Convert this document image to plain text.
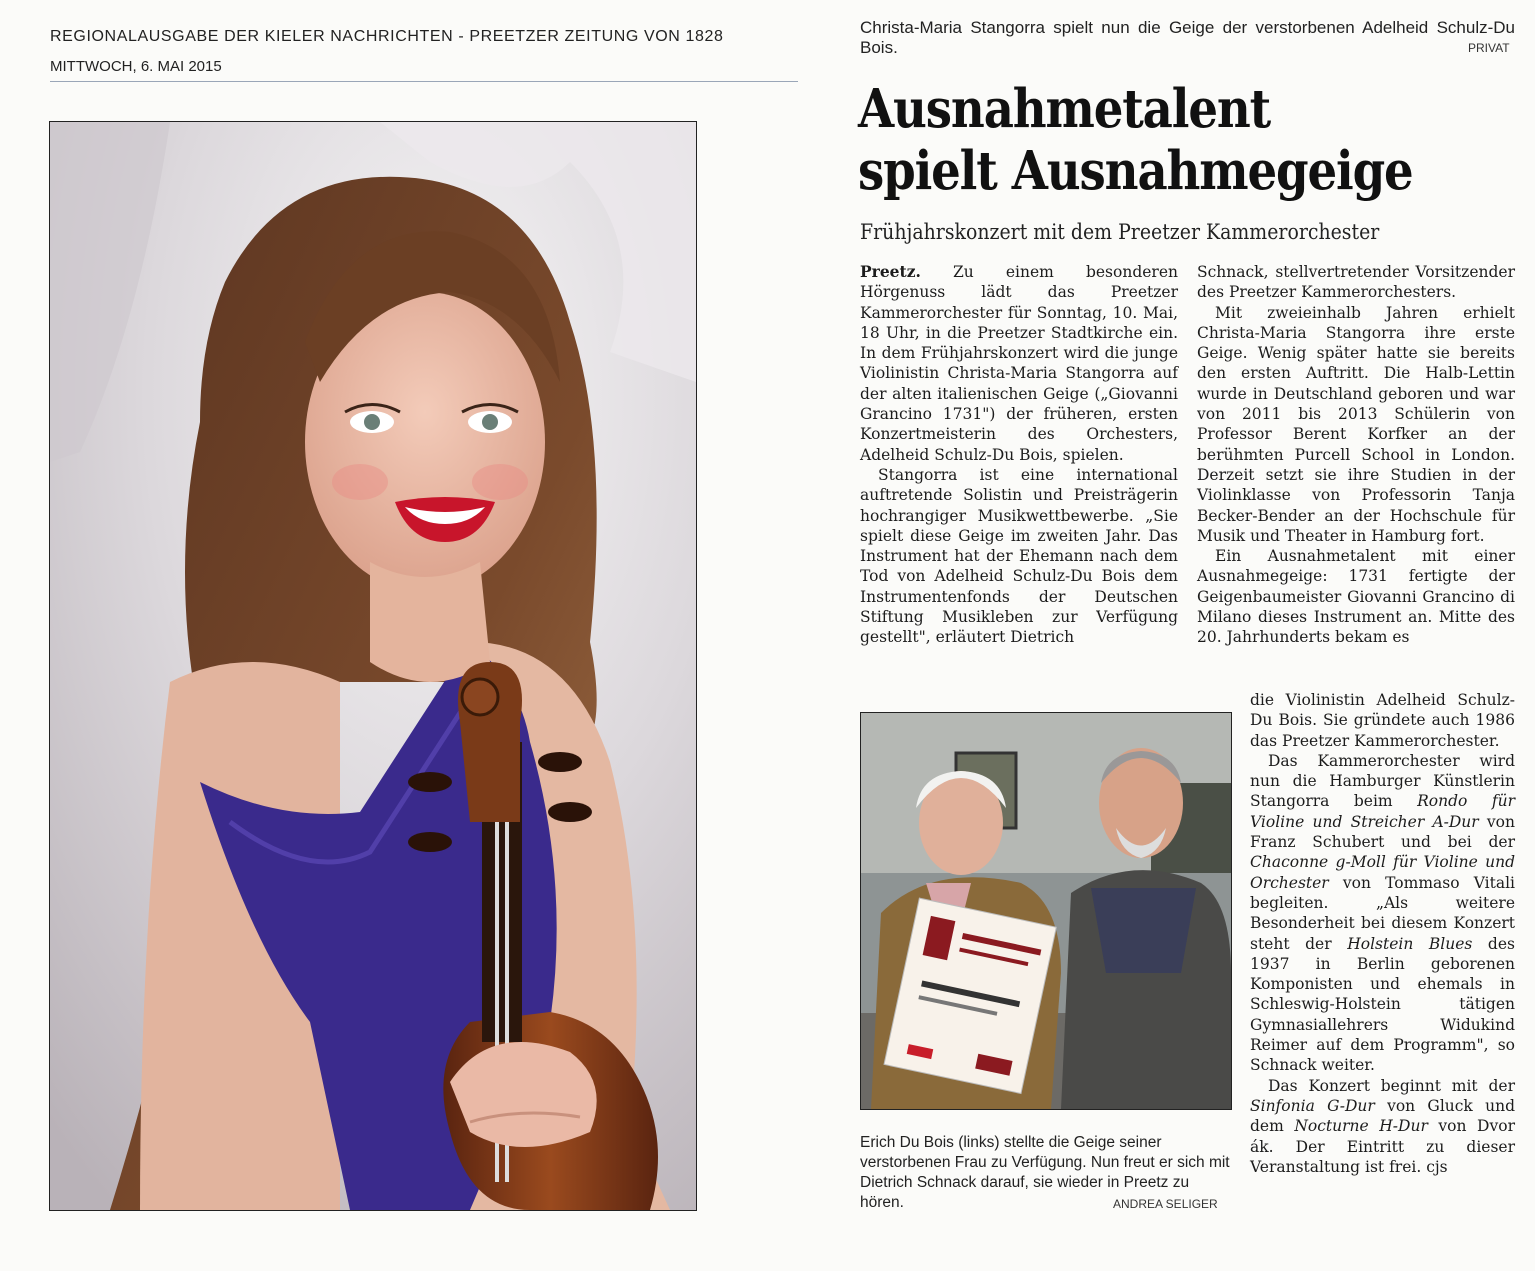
REGIONALAUSGABE DER KIELER NACHRICHTEN - PREETZER ZEITUNG VON 1828
MITTWOCH, 6. MAI 2015
Christa-Maria Stangorra spielt nun die Geige der verstorbenen Adelheid Schulz-Du Bois.	PRIVAT
Ausnahmetalent
spielt Ausnahmegeige
Frühjahrskonzert mit dem Preetzer Kammerorchester

Preetz. Zu einem besonderen Hörgenuss lädt das Preetzer Kammerorchester für Sonntag, 10. Mai, 18 Uhr, in die Preetzer Stadtkirche ein. In dem Frühjahrskonzert wird die junge Violinistin Christa-Maria Stangorra auf der alten italienischen Geige („Giovanni Grancino 1731") der früheren, ersten Konzertmeisterin des Orchesters, Adelheid Schulz-Du Bois, spielen.

Stangorra ist eine international auftretende Solistin und Preisträgerin hochrangiger Musikwettbewerbe. „Sie spielt diese Geige im zweiten Jahr. Das Instrument hat der Ehemann nach dem Tod von Adelheid Schulz-Du Bois dem Instrumentenfonds der Deutschen Stiftung Musikleben zur Verfügung gestellt", erläutert Dietrich

Schnack, stellvertretender Vorsitzender des Preetzer Kammerorchesters.

Mit zweieinhalb Jahren erhielt Christa-Maria Stangorra ihre erste Geige. Wenig später hatte sie bereits den ersten Auftritt. Die Halb-Lettin wurde in Deutschland geboren und war von 2011 bis 2013 Schülerin von Professor Berent Korfker an der berühmten Purcell School in London. Derzeit setzt sie ihre Studien in der Violinklasse von Professorin Tanja Becker-Bender an der Hochschule für Musik und Theater in Hamburg fort.

Ein Ausnahmetalent mit einer Ausnahmegeige: 1731 fertigte der Geigenbaumeister Giovanni Grancino di Milano dieses Instrument an. Mitte des 20. Jahrhunderts bekam es

die Violinistin Adelheid Schulz-Du Bois. Sie gründete auch 1986 das Preetzer Kammerorchester.

Das Kammerorchester wird nun die Hamburger Künstlerin Stangorra beim Rondo für Violine und Streicher A-Dur von Franz Schubert und bei der Chaconne g-Moll für Violine und Orchester von Tommaso Vitali begleiten. „Als weitere Besonderheit bei diesem Konzert steht der Holstein Blues des 1937 in Berlin geborenen Komponisten und ehemals in Schleswig-Holstein tätigen Gymnasiallehrers Widukind Reimer auf dem Programm", so Schnack weiter.

Das Konzert beginnt mit der Sinfonia G-Dur von Gluck und dem Nocturne H-Dur von Dvor ák. Der Eintritt zu dieser Veranstaltung ist frei. cjs

Erich Du Bois (links) stellte die Geige seiner verstorbenen Frau zu Verfügung. Nun freut er sich mit Dietrich Schnack darauf, sie wieder in Preetz zu hören.	ANDREA SELIGER
